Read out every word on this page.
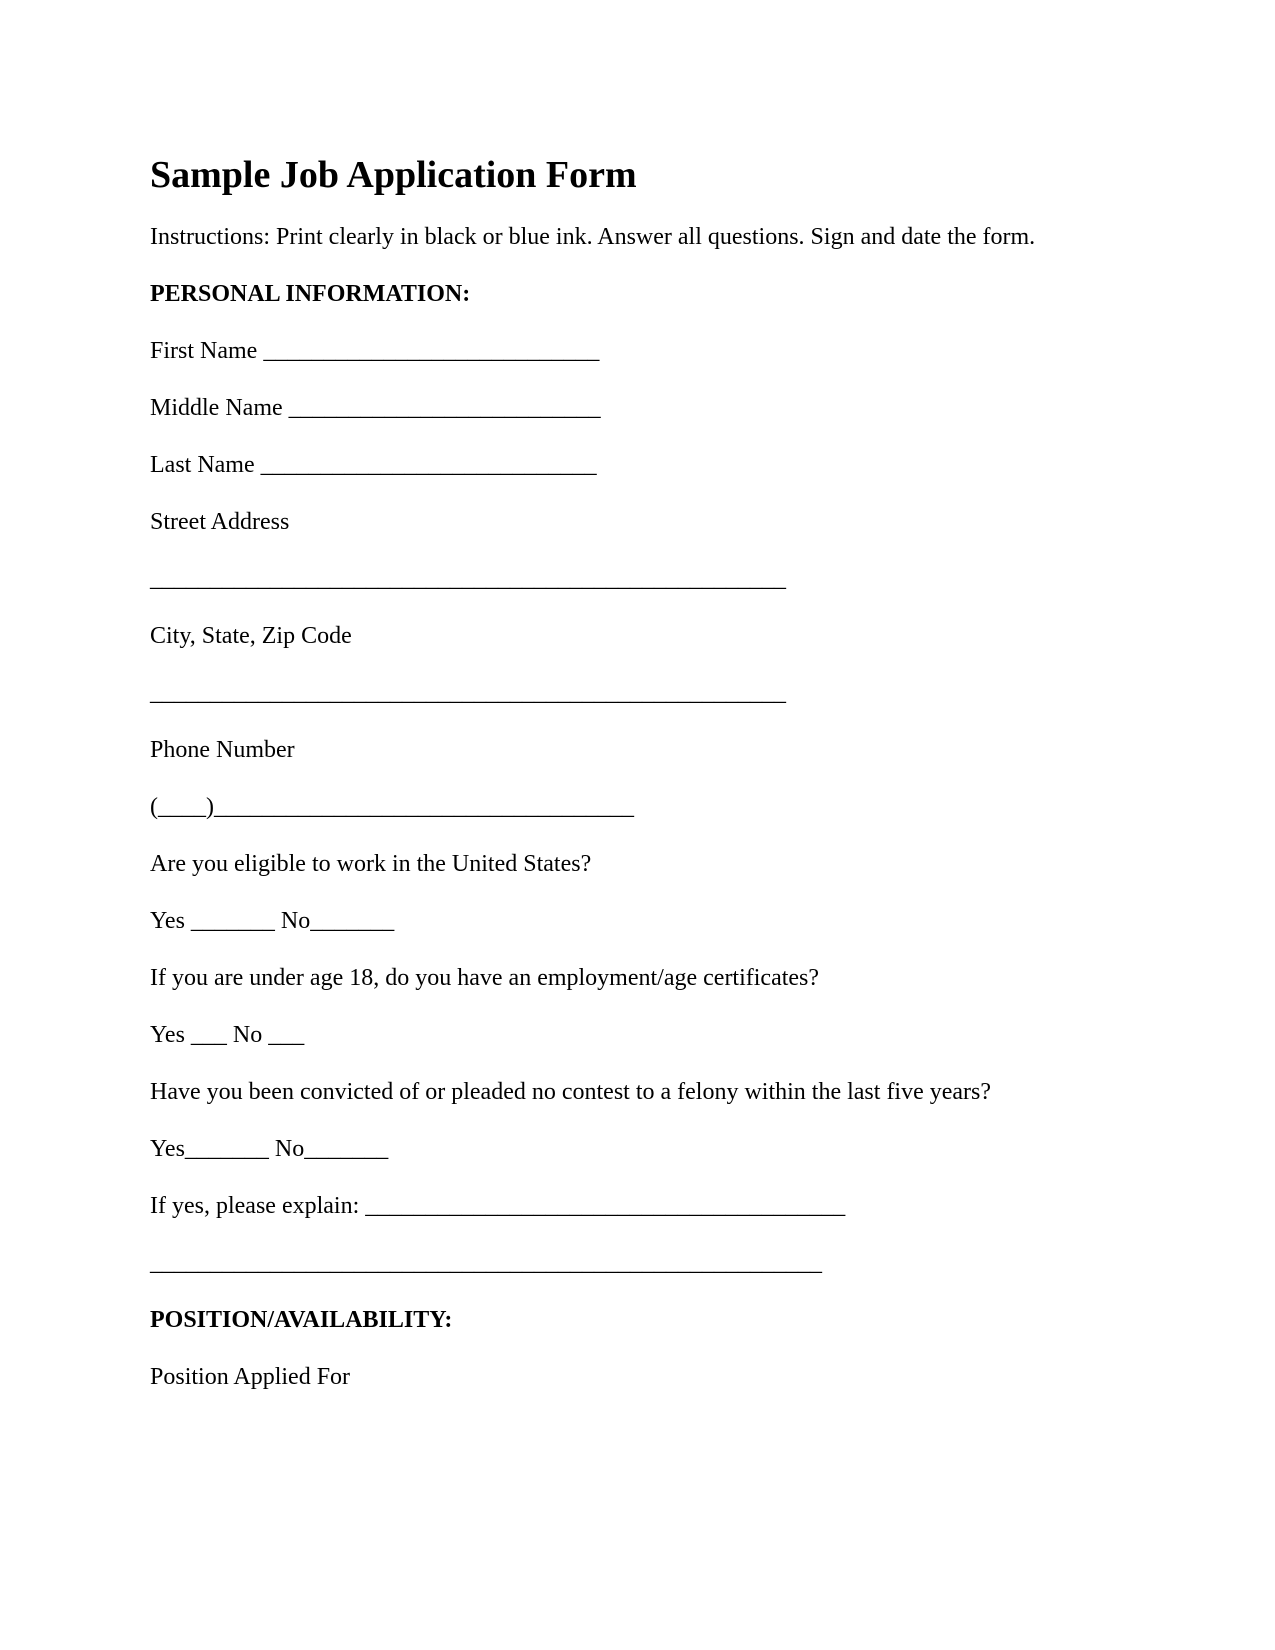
Sample Job Application Form
Instructions: Print clearly in black or blue ink. Answer all questions. Sign and date the form.
PERSONAL INFORMATION:
First Name ____________________________
Middle Name __________________________
Last Name ____________________________
Street Address
_____________________________________________________
City, State, Zip Code
_____________________________________________________
Phone Number
(____)___________________________________
Are you eligible to work in the United States?
Yes _______ No_______
If you are under age 18, do you have an employment/age certificates?
Yes ___ No ___
Have you been convicted of or pleaded no contest to a felony within the last five years?
Yes_______ No_______
If yes, please explain: ________________________________________
________________________________________________________
POSITION/AVAILABILITY:
Position Applied For
